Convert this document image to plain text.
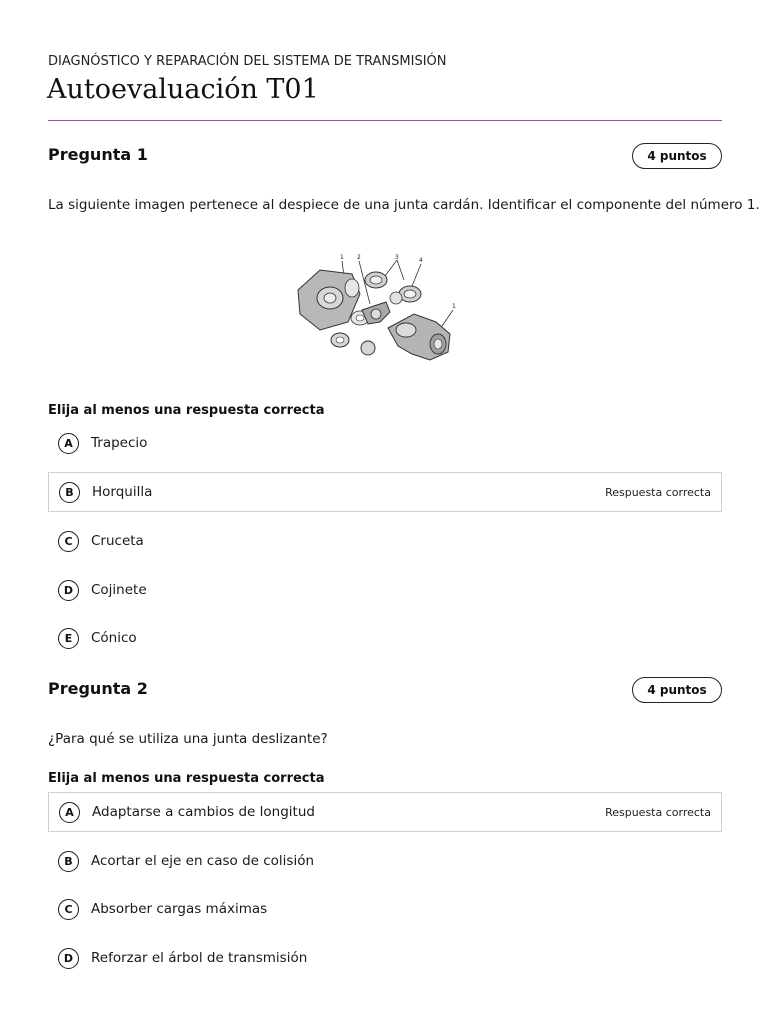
DIAGNÓSTICO Y REPARACIÓN DEL SISTEMA DE TRANSMISIÓN
Autoevaluación T01
Pregunta 1	4 puntos
La siguiente imagen pertenece al despiece de una junta cardán. Identificar el componente del número 1.
1 2	3	4
1
Elija al menos una respuesta correcta
A	Trapecio
B	Horquilla	Respuesta correcta
C	Cruceta
D	Cojinete
E	Cónico
Pregunta 2	4 puntos
¿Para qué se utiliza una junta deslizante?
Elija al menos una respuesta correcta
A	Adaptarse a cambios de longitud	Respuesta correcta
B	Acortar el eje en caso de colisión
C	Absorber cargas máximas
D	Reforzar el árbol de transmisión
